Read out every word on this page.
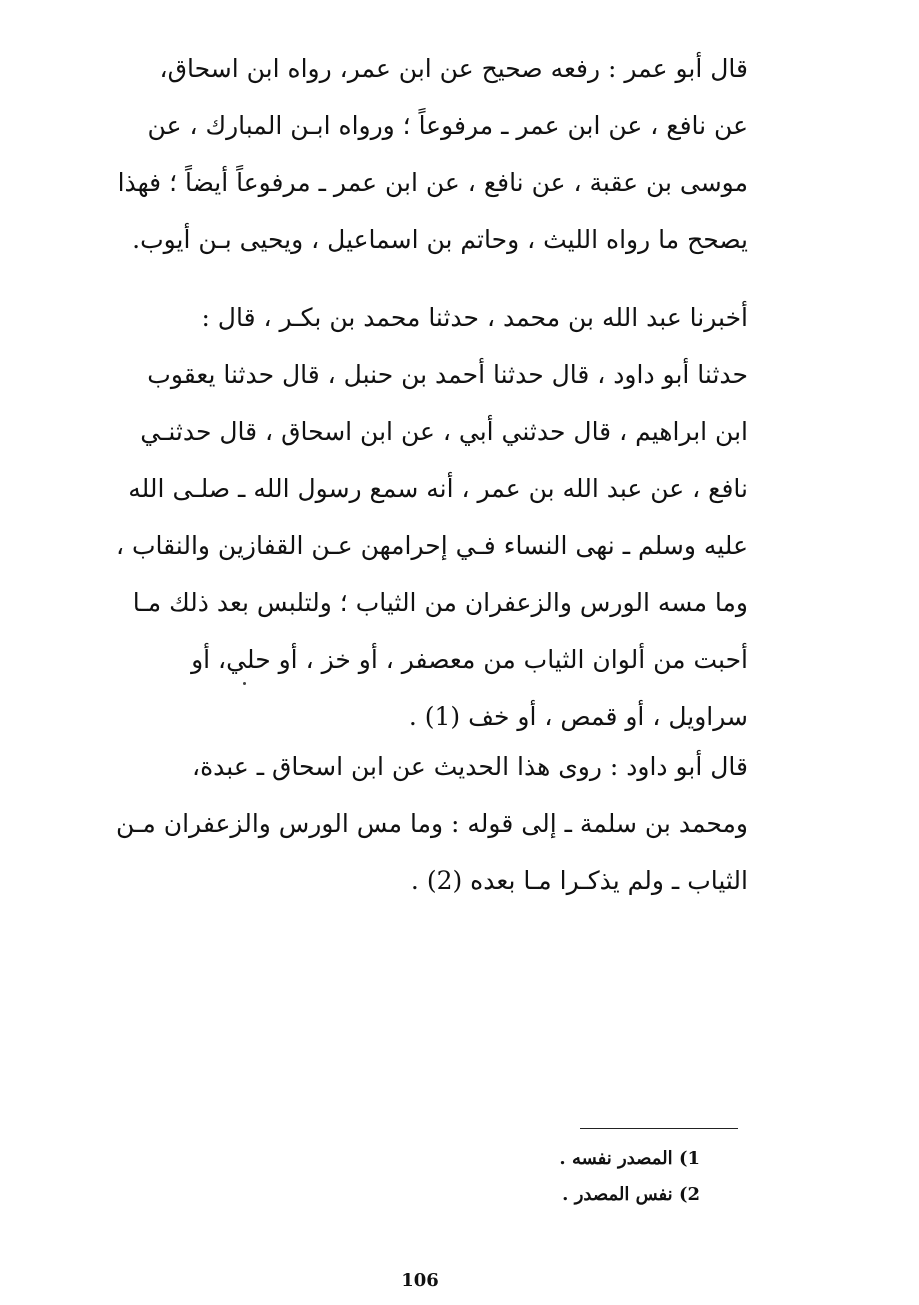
قال أبو عمر : رفعه صحيح عن ابن عمر، رواه ابن اسحاق،
عن نافع ، عن ابن عمر ـ مرفوعاً ؛ ورواه ابـن المبارك ، عن
موسى بن عقبة ، عن نافع ، عن ابن عمر ـ مرفوعاً أيضاً ؛ فهذا
يصحح ما رواه الليث ، وحاتم بن اسماعيل ، ويحيى بـن أيوب.
أخبرنا عبد الله بن محمد ، حدثنا محمد بن بكـر ، قال :
حدثنا أبو داود ، قال حدثنا أحمد بن حنبل ، قال حدثنا يعقوب
ابن ابراهيم ، قال حدثني أبي ، عن ابن اسحاق ، قال حدثنـي
نافع ، عن عبد الله بن عمر ، أنه سمع رسول الله ـ صلـى الله
عليه وسلم ـ نهى النساء فـي إحرامهن عـن القفازين والنقاب ،
وما مسه الورس والزعفران من الثياب ؛ ولتلبس بعد ذلك مـا
أحبت من ألوان الثياب من معصفر ، أو خز ، أو حلي، أو
سراويل ، أو قمص ، أو خف (1) .
قال أبو داود : روى هذا الحديث عن ابن اسحاق ـ عبدة،
ومحمد بن سلمة ـ إلى قوله : وما مس الورس والزعفران مـن
الثياب ـ ولم يذكـرا مـا بعده (2) .
1) المصدر نفسه .
2) نفس المصدر .
106
